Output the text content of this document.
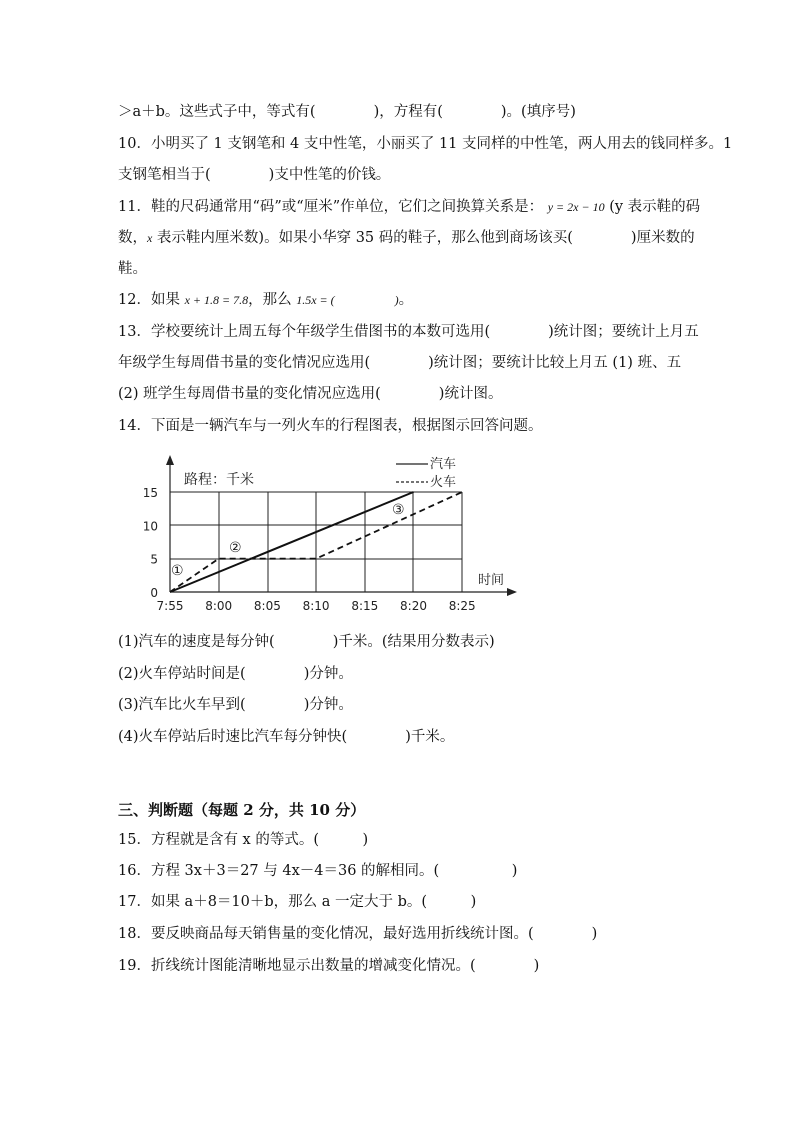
＞a＋b。这些式子中，等式有(　　　　)，方程有(　　　　)。(填序号)
10．小明买了 1 支钢笔和 4 支中性笔，小丽买了 11 支同样的中性笔，两人用去的钱同样多。1
支钢笔相当于(　　　　)支中性笔的价钱。
11．鞋的尺码通常用“码”或“厘米”作单位，它们之间换算关系是： y = 2x − 10 (y 表示鞋的码
数，x 表示鞋内厘米数)。如果小华穿 35 码的鞋子，那么他到商场该买(　　　　)厘米数的
鞋。
12．如果 x + 1.8 = 7.8，那么 1.5x = (　　　　　)。
13．学校要统计上周五每个年级学生借图书的本数可选用(　　　　)统计图；要统计上月五
年级学生每周借书量的变化情况应选用(　　　　)统计图；要统计比较上月五 (1) 班、五
(2) 班学生每周借书量的变化情况应选用(　　　　)统计图。
14．下面是一辆汽车与一列火车的行程图表，根据图示回答问题。
路程：千米
时间
0
5
10
15
7:55 8:00 8:05 8:10 8:15 8:20 8:25
汽车
火车
①
②
③
(1)汽车的速度是每分钟(　　　　)千米。(结果用分数表示)
(2)火车停站时间是(　　　　)分钟。
(3)汽车比火车早到(　　　　)分钟。
(4)火车停站后时速比汽车每分钟快(　　　　)千米。
三、判断题（每题 2 分，共 10 分）
15．方程就是含有 x 的等式。(　　　)
16．方程 3x＋3＝27 与 4x－4＝36 的解相同。(　　　　　)
17．如果 a＋8＝10＋b，那么 a 一定大于 b。(　　　)
18．要反映商品每天销售量的变化情况，最好选用折线统计图。(　　　　)
19．折线统计图能清晰地显示出数量的增减变化情况。(　　　　)
